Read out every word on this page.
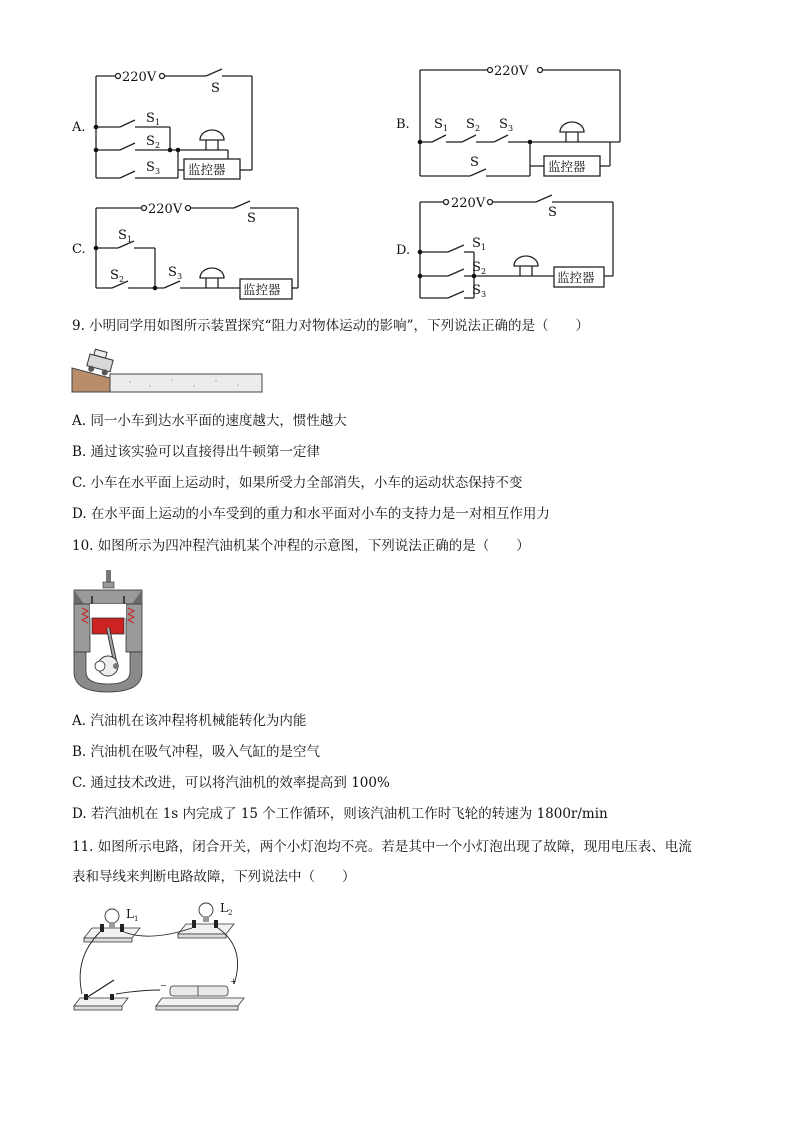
A.
220V
S
S 1
S 2
S 3 监控器
B.
220V
S 1 S 2 S 3
S	监控器
C.
220V
S
S 1
S 2	S 3
监控器
D.
220V
S
S 1
S 2
S 3
监控器
9. 小明同学用如图所示装置探究“阻力对物体运动的影响”，下列说法正确的是（　　）
A. 同一小车到达水平面的速度越大，惯性越大
B. 通过该实验可以直接得出牛顿第一定律
C. 小车在水平面上运动时，如果所受力全部消失，小车的运动状态保持不变
D. 在水平面上运动的小车受到的重力和水平面对小车的支持力是一对相互作用力
10. 如图所示为四冲程汽油机某个冲程的示意图，下列说法正确的是（　　）
A. 汽油机在该冲程将机械能转化为内能
B. 汽油机在吸气冲程，吸入气缸的是空气
C. 通过技术改进，可以将汽油机的效率提高到 100%
D. 若汽油机在 1s 内完成了 15 个工作循环，则该汽油机工作时飞轮的转速为 1800r/min
11. 如图所示电路，闭合开关，两个小灯泡均不亮。若是其中一个小灯泡出现了故障，现用电压表、电流
表和导线来判断电路故障，下列说法中（　　）
−	+
L 1
L 2
